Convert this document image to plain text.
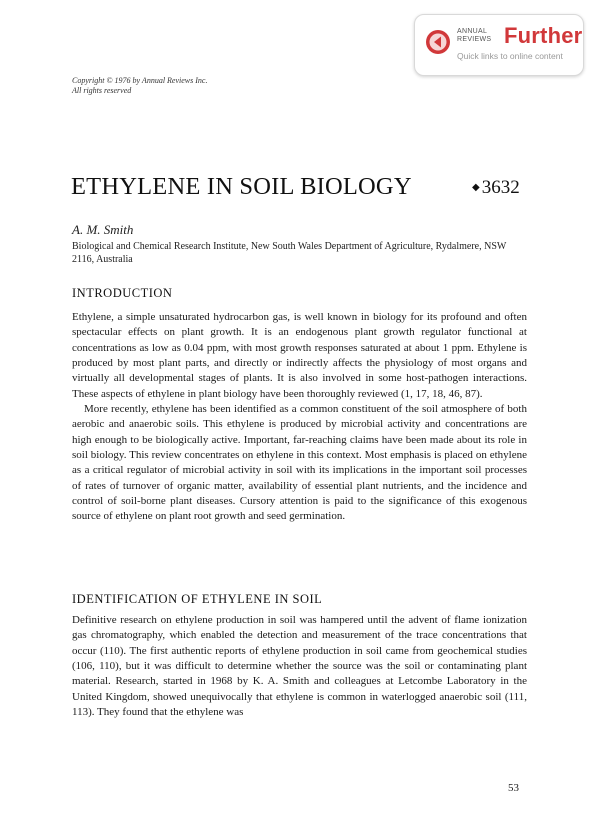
ANNUAL REVIEWS Further
Quick links to online content
Copyright © 1976 by Annual Reviews Inc.
All rights reserved
ETHYLENE IN SOIL BIOLOGY	◆ 3632
A. M. Smith
Biological and Chemical Research Institute, New South Wales Department of Agriculture, Rydalmere, NSW 2116, Australia
INTRODUCTION

Ethylene, a simple unsaturated hydrocarbon gas, is well known in biology for its profound and often spectacular effects on plant growth. It is an endogenous plant growth regulator functional at concentrations as low as 0.04 ppm, with most growth responses saturated at about 1 ppm. Ethylene is produced by most plant parts, and directly or indirectly affects the physiology of most organs and virtually all developmental stages of plants. It is also involved in some host-pathogen interactions. These aspects of ethylene in plant biology have been thoroughly reviewed (1, 17, 18, 46, 87).

More recently, ethylene has been identified as a common constituent of the soil atmosphere of both aerobic and anaerobic soils. This ethylene is produced by microbial activity and concentrations are high enough to be biologically active. Important, far-reaching claims have been made about its role in soil biology. This review concentrates on ethylene in this context. Most emphasis is placed on ethylene as a critical regulator of microbial activity in soil with its implications in the important soil processes of rates of turnover of organic matter, availability of essential plant nutrients, and the incidence and control of soil-borne plant diseases. Cursory attention is paid to the significance of this exogenous source of ethylene on plant root growth and seed germination.

IDENTIFICATION OF ETHYLENE IN SOIL

Definitive research on ethylene production in soil was hampered until the advent of flame ionization gas chromatography, which enabled the detection and measurement of the trace concentrations that occur (110). The first authentic reports of ethylene production in soil came from geochemical studies (106, 110), but it was difficult to determine whether the source was the soil or contaminating plant material. Research, started in 1968 by K. A. Smith and colleagues at Letcombe Laboratory in the United Kingdom, showed unequivocally that ethylene is common in waterlogged anaerobic soil (111, 113). They found that the ethylene was

53
